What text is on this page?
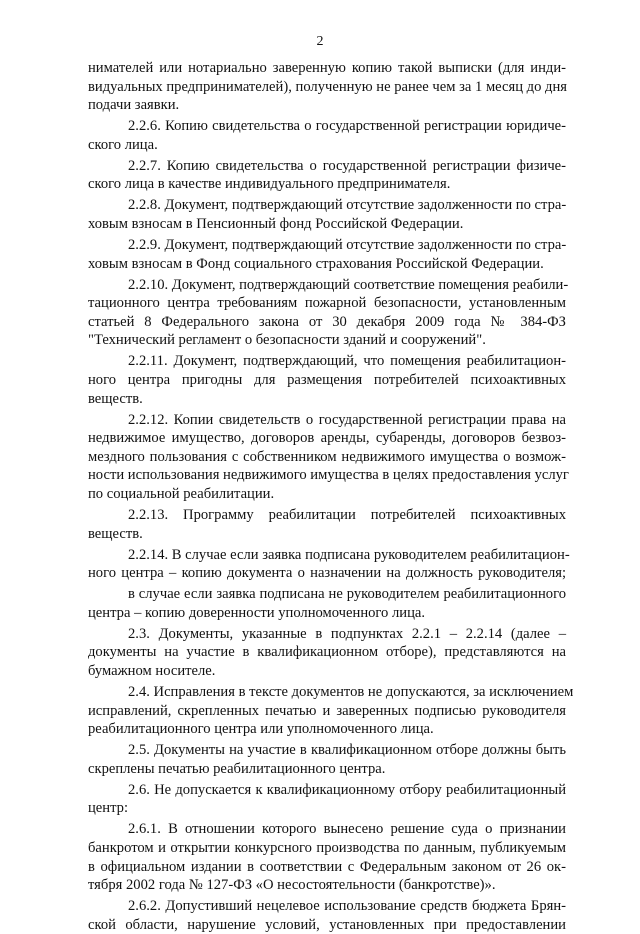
2
нимателей или нотариально заверенную копию такой выписки (для инди-
видуальных предпринимателей), полученную не ранее чем за 1 месяц до дня
подачи заявки.
2.2.6. Копию свидетельства о государственной регистрации юридиче-
ского лица.
2.2.7. Копию свидетельства о государственной регистрации физиче-
ского лица в качестве индивидуального предпринимателя.
2.2.8. Документ, подтверждающий отсутствие задолженности по стра-
ховым взносам в Пенсионный фонд Российской Федерации.
2.2.9. Документ, подтверждающий отсутствие задолженности по стра-
ховым взносам в Фонд социального страхования Российской Федерации.
2.2.10. Документ, подтверждающий соответствие помещения реабили-
тационного центра требованиям пожарной безопасности, установленным
статьей 8 Федерального закона от 30 декабря 2009 года № 384-ФЗ
"Технический регламент о безопасности зданий и сооружений".
2.2.11. Документ, подтверждающий, что помещения реабилитацион-
ного центра пригодны для размещения потребителей психоактивных
веществ.
2.2.12. Копии свидетельств о государственной регистрации права на
недвижимое имущество, договоров аренды, субаренды, договоров безвоз-
мездного пользования с собственником недвижимого имущества о возмож-
ности использования недвижимого имущества в целях предоставления услуг
по социальной реабилитации.
2.2.13. Программу реабилитации потребителей психоактивных
веществ.
2.2.14. В случае если заявка подписана руководителем реабилитацион-
ного центра – копию документа о назначении на должность руководителя;
в случае если заявка подписана не руководителем реабилитационного
центра – копию доверенности уполномоченного лица.
2.3. Документы, указанные в подпунктах 2.2.1 – 2.2.14 (далее –
документы на участие в квалификационном отборе), представляются на
бумажном носителе.
2.4. Исправления в тексте документов не допускаются, за исключением
исправлений, скрепленных печатью и заверенных подписью руководителя
реабилитационного центра или уполномоченного лица.
2.5. Документы на участие в квалификационном отборе должны быть
скреплены печатью реабилитационного центра.
2.6. Не допускается к квалификационному отбору реабилитационный
центр:
2.6.1. В отношении которого вынесено решение суда о признании
банкротом и открытии конкурсного производства по данным, публикуемым
в официальном издании в соответствии с Федеральным законом от 26 ок-
тября 2002 года № 127-ФЗ «О несостоятельности (банкротстве)».
2.6.2. Допустивший нецелевое использование средств бюджета Брян-
ской области, нарушение условий, установленных при предоставлении
